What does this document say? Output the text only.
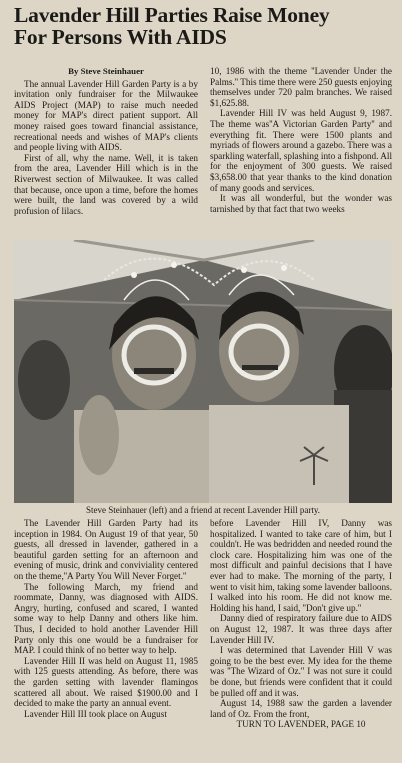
Lavender Hill Parties Raise Money
For Persons With AIDS
By Steve Steinhauer

The annual Lavender Hill Garden Party is a by invitation only fundraiser for the Milwaukee AIDS Project (MAP) to raise much needed money for MAP's direct patient support. All money raised goes toward financial assistance, recreational needs and wishes of MAP's clients and people living with AIDS.

First of all, why the name. Well, it is taken from the area, Lavender Hill which is in the Riverwest section of Milwaukee. It was called that because, once upon a time, before the homes were built, the land was covered by a wild profusion of lilacs.

10, 1986 with the theme ''Lavender Under the Palms.'' This time there were 250 guests enjoying themselves under 720 palm branches. We raised $1,625.88.

Lavender Hill IV was held August 9, 1987. The theme was''A Victorian Garden Party'' and everything fit. There were 1500 plants and myriads of flowers around a gazebo. There was a sparkling waterfall, splashing into a fishpond. All for the enjoyment of 300 guests. We raised $3,658.00 that year thanks to the kind donation of many goods and services.

It was all wonderful, but the wonder was tarnished by that fact that two weeks

Steve Steinhauer (left) and a friend at recent Lavender Hill party.

The Lavender Hill Garden Party had its inception in 1984. On August 19 of that year, 50 guests, all dressed in lavender, gathered in a beautiful garden setting for an afternoon and evening of music, drink and conviviality centered on the theme,''A Party You Will Never Forget.''

The following March, my friend and roommate, Danny, was diagnosed with AIDS. Angry, hurting, confused and scared, I wanted some way to help Danny and others like him. Thus, I decided to hold another Lavender Hill Party only this one would be a fundraiser for MAP. I could think of no better way to help.

Lavender Hill II was held on August 11, 1985 with 125 guests attending. As before, there was the garden setting with lavender flamingos scattered all about. We raised $1900.00 and I decided to make the party an annual event.

Lavender Hill III took place on August

before Lavender Hill IV, Danny was hospitalized. I wanted to take care of him, but I couldn't. He was bedridden and needed round the clock care. Hospitalizing him was one of the most difficult and painful decisions that I have ever had to make. The morning of the party, I went to visit him, taking some lavender balloons. I walked into his room. He did not know me. Holding his hand, I said, ''Don't give up.''

Danny died of respiratory failure due to AIDS on August 12, 1987. It was three days after Lavender Hill IV.

I was determined that Lavender Hill V was going to be the best ever. My idea for the theme was ''The Wizard of Oz.'' I was not sure it could be done, but friends were confident that it could be pulled off and it was.

August 14, 1988 saw the garden a lavender land of Oz. From the front,

TURN TO LAVENDER, PAGE 10
